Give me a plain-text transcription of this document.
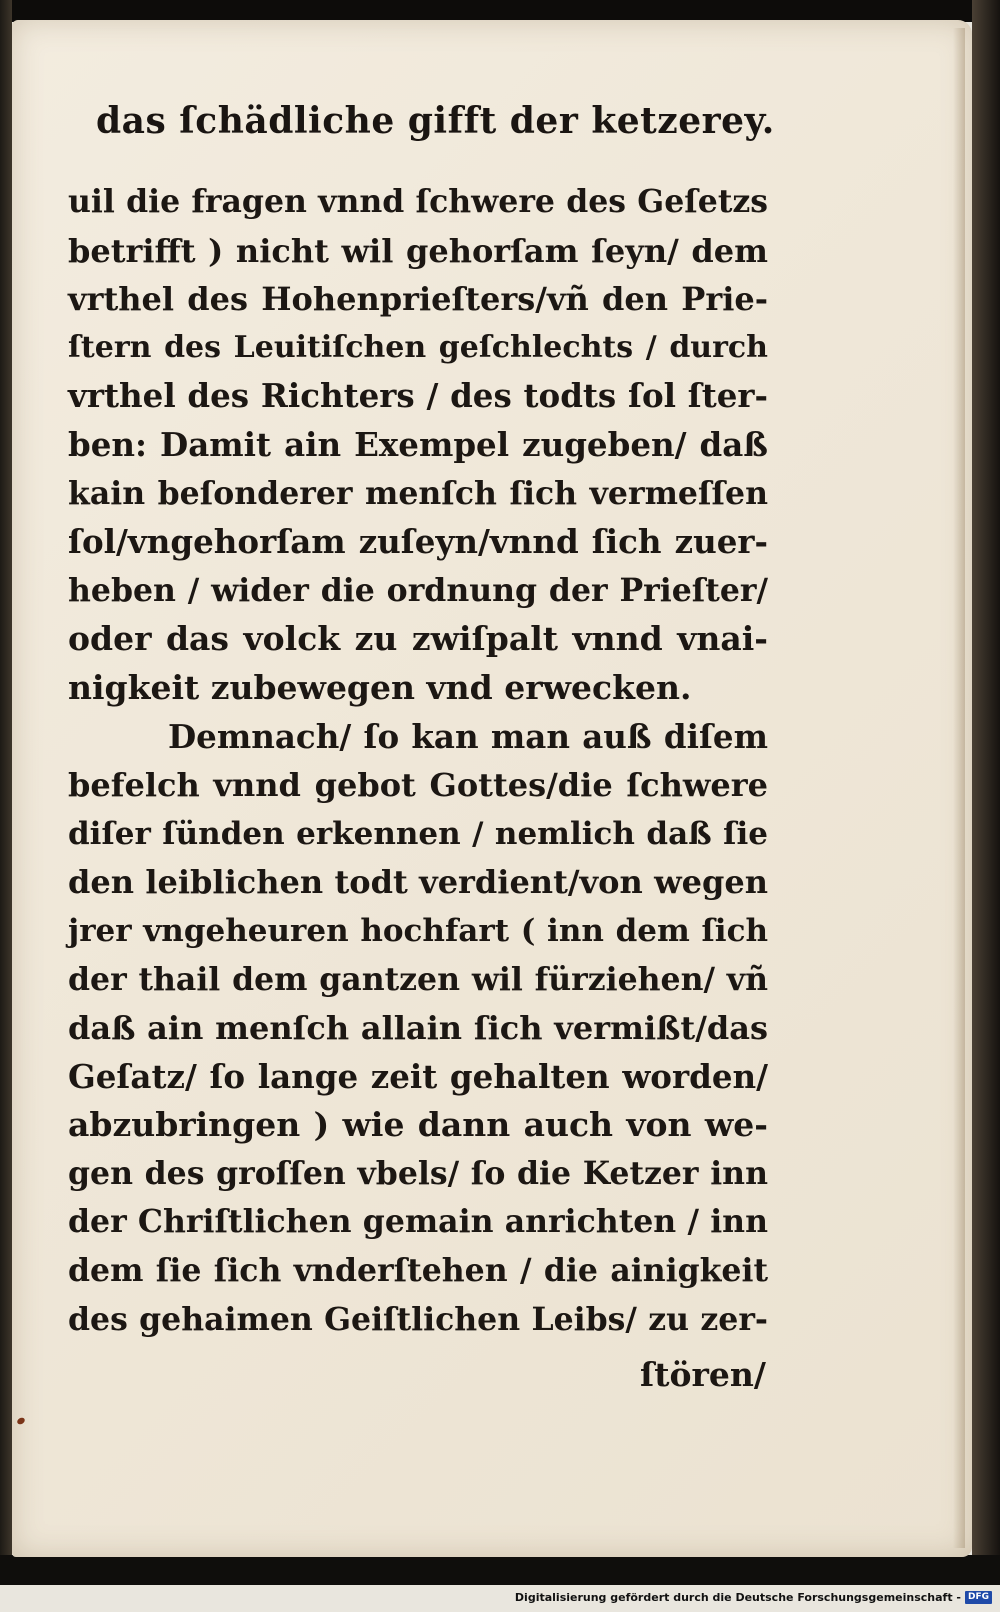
das ſchädliche gifft der ketzerey.
uil die fragen vnnd ſchwere des Geſetzs
betrifft ) nicht wil gehorſam ſeyn/ dem
vrthel des Hohenprieſters/vñ den Prie-
ſtern des Leuitiſchen geſchlechts / durch
vrthel des Richters / des todts ſol ſter-
ben: Damit ain Exempel zugeben/ daß
kain beſonderer menſch ſich vermeſſen
ſol/vngehorſam zuſeyn/vnnd ſich zuer-
heben / wider die ordnung der Prieſter/
oder das volck zu zwiſpalt vnnd vnai-
nigkeit zubewegen vnd erwecken.
Demnach/ ſo kan man auß diſem
befelch vnnd gebot Gottes/die ſchwere
diſer ſünden erkennen / nemlich daß ſie
den leiblichen todt verdient/von wegen
jrer vngeheuren hochfart ( inn dem ſich
der thail dem gantzen wil fürziehen/ vñ
daß ain menſch allain ſich vermißt/das
Geſatz/ ſo lange zeit gehalten worden/
abzubringen ) wie dann auch von we-
gen des groſſen vbels/ ſo die Ketzer inn
der Chriſtlichen gemain anrichten / inn
dem ſie ſich vnderſtehen / die ainigkeit
des gehaimen Geiſtlichen Leibs/ zu zer-
ſtören/
Digitalisierung gefördert durch die Deutsche Forschungsgemeinschaft - DFG
